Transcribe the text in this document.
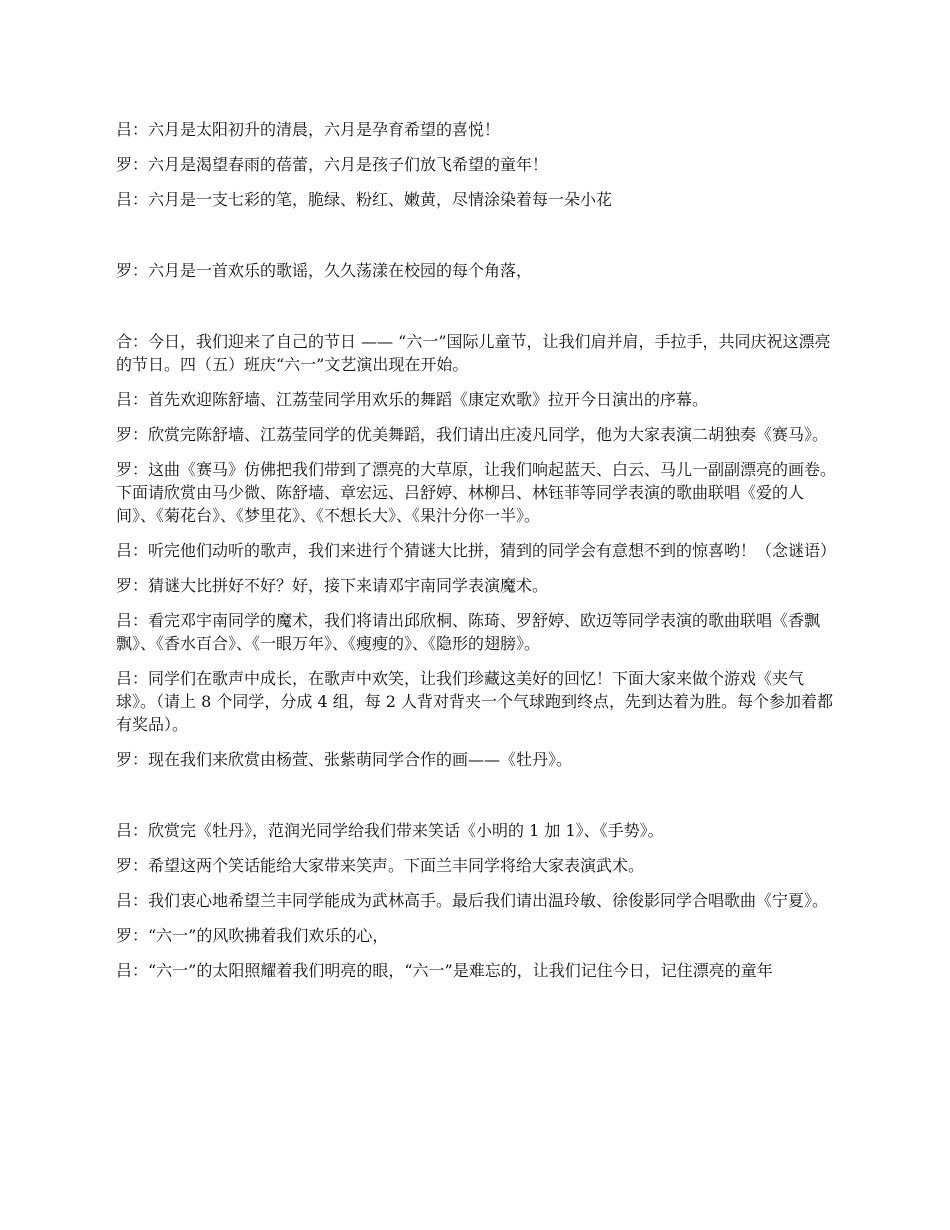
吕：六月是太阳初升的清晨，六月是孕育希望的喜悦！

罗：六月是渴望春雨的蓓蕾，六月是孩子们放飞希望的童年！

吕：六月是一支七彩的笔，脆绿、粉红、嫩黄，尽情涂染着每一朵小花

罗：六月是一首欢乐的歌谣，久久荡漾在校园的每个角落，

合：今日，我们迎来了自己的节日 —— “六一”国际儿童节，让我们肩并肩，手拉手，共同庆祝这漂亮的节日。四（五）班庆“六一”文艺演出现在开始。

吕：首先欢迎陈舒墙、江荔莹同学用欢乐的舞蹈《康定欢歌》拉开今日演出的序幕。

罗：欣赏完陈舒墙、江荔莹同学的优美舞蹈，我们请出庄凌凡同学，他为大家表演二胡独奏《赛马》。

罗：这曲《赛马》仿佛把我们带到了漂亮的大草原，让我们响起蓝天、白云、马儿一副副漂亮的画卷。下面请欣赏由马少微、陈舒墙、章宏远、吕舒婷、林柳吕、林钰菲等同学表演的歌曲联唱《爱的人间》、《菊花台》、《梦里花》、《不想长大》、《果汁分你一半》。

吕：听完他们动听的歌声，我们来进行个猜谜大比拼，猜到的同学会有意想不到的惊喜哟！（念谜语）

罗：猜谜大比拼好不好？好，接下来请邓宇南同学表演魔术。

吕：看完邓宇南同学的魔术，我们将请出邱欣桐、陈琦、罗舒婷、欧迈等同学表演的歌曲联唱《香飘飘》、《香水百合》、《一眼万年》、《瘦瘦的》、《隐形的翅膀》。

吕：同学们在歌声中成长，在歌声中欢笑，让我们珍藏这美好的回忆！下面大家来做个游戏《夹气球》。（请上 8 个同学，分成 4 组，每 2 人背对背夹一个气球跑到终点，先到达着为胜。每个参加着都有奖品）。

罗：现在我们来欣赏由杨萱、张紫萌同学合作的画——《牡丹》。

吕：欣赏完《牡丹》，范润光同学给我们带来笑话《小明的 1 加 1》、《手势》。

罗：希望这两个笑话能给大家带来笑声。下面兰丰同学将给大家表演武术。

吕：我们衷心地希望兰丰同学能成为武林高手。最后我们请出温玲敏、徐俊影同学合唱歌曲《宁夏》。

罗：“六一”的风吹拂着我们欢乐的心，

吕：“六一”的太阳照耀着我们明亮的眼，“六一”是难忘的，让我们记住今日，记住漂亮的童年
